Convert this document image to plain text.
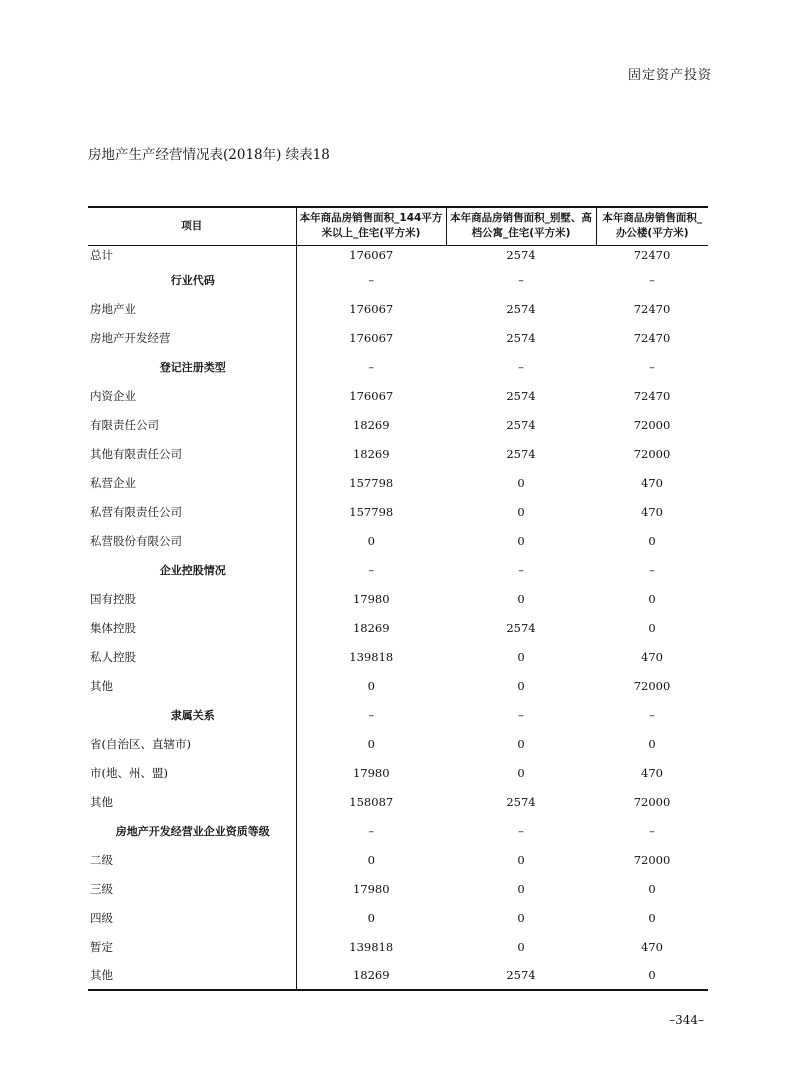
固定资产投资
房地产生产经营情况表(2018年) 续表18
项目	本年商品房销售面积_144平方米以上_住宅(平方米)	本年商品房销售面积_别墅、高档公寓_住宅(平方米)	本年商品房销售面积_办公楼(平方米)
总计	176067	2574	72470
行业代码	–	–	–
房地产业	176067	2574	72470
房地产开发经营	176067	2574	72470
登记注册类型	–	–	–
内资企业	176067	2574	72470
有限责任公司	18269	2574	72000
其他有限责任公司	18269	2574	72000
私营企业	157798	0	470
私营有限责任公司	157798	0	470
私营股份有限公司	0	0	0
企业控股情况	–	–	–
国有控股	17980	0	0
集体控股	18269	2574	0
私人控股	139818	0	470
其他	0	0	72000
隶属关系	–	–	–
省(自治区、直辖市)	0	0	0
市(地、州、盟)	17980	0	470
其他	158087	2574	72000
房地产开发经营业企业资质等级	–	–	–
二级	0	0	72000
三级	17980	0	0
四级	0	0	0
暂定	139818	0	470
其他	18269	2574	0
–344–
